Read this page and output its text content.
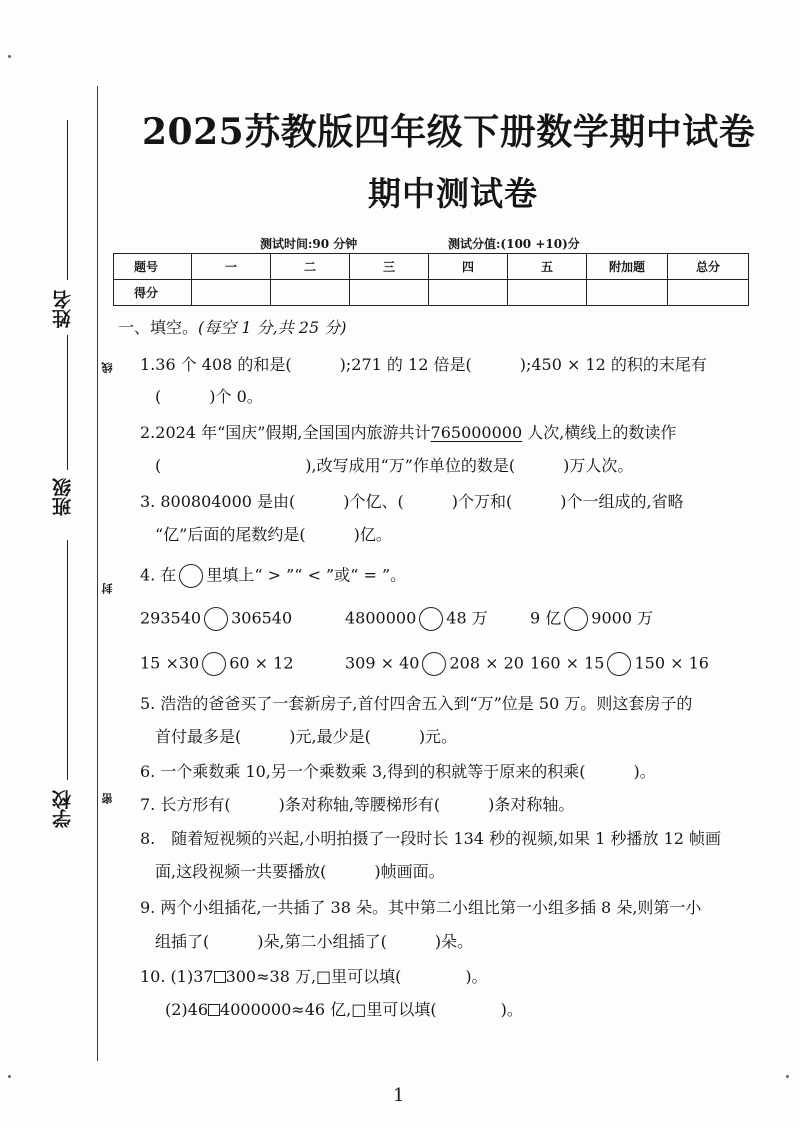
姓名
班级
学校
线
封
密
2025苏教版四年级下册数学期中试卷
期中测试卷
测试时间:90 分钟	测试分值:(100 +10)分
题号	一	二	三	四	五	附加题	总分
得分							
一、填空。(每空 1 分,共 25 分)
1.36 个 408 的和是(　　　);271 的 12 倍是(　　　);450 × 12 的积的末尾有
(　　　)个 0。
2.2024 年“国庆”假期,全国国内旅游共计765000000 人次,横线上的数读作
(　　　　　　　　　),改写成用“万”作单位的数是(　　　)万人次。
3. 800804000 是由(　　　)个亿、(　　　)个万和(　　　)个一组成的,省略
“亿”后面的尾数约是(　　　)亿。
4. 在 里填上“ > ”“ < ”或“ = ”。
293540 306540	4800000 48 万	9 亿 9000 万
15 ×30 60 × 12	309 × 40 208 × 20 160 × 15 150 × 16
5. 浩浩的爸爸买了一套新房子,首付四舍五入到“万”位是 50 万。则这套房子的
首付最多是(　　　)元,最少是(　　　)元。
6. 一个乘数乘 10,另一个乘数乘 3,得到的积就等于原来的积乘(　　　)。
7. 长方形有(　　　)条对称轴,等腰梯形有(　　　)条对称轴。
8.　随着短视频的兴起,小明拍摄了一段时长 134 秒的视频,如果 1 秒播放 12 帧画
面,这段视频一共要播放(　　　)帧画面。
9. 两个小组插花,一共插了 38 朵。其中第二小组比第一小组多插 8 朵,则第一小
组插了(　　　)朵,第二小组插了(　　　)朵。
10. (1)37 300≈38 万,□里可以填(　　　　)。
(2)46 4000000≈46 亿,□里可以填(　　　　)。
1
